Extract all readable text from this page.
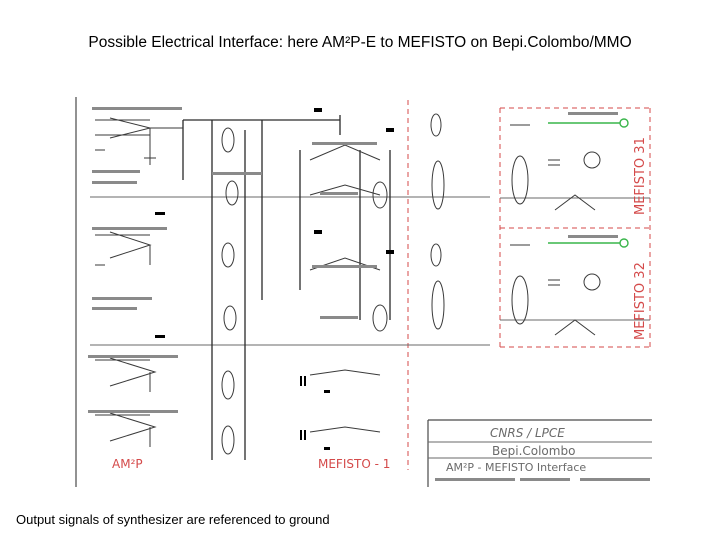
Possible Electrical Interface: here AM²P-E to MEFISTO on Bepi.Colombo/MMO
MEFISTO 31
MEFISTO 32
AM²P	MEFISTO - 1
CNRS / LPCE
Bepi.Colombo
AM²P - MEFISTO Interface
Output signals of synthesizer are referenced to ground
